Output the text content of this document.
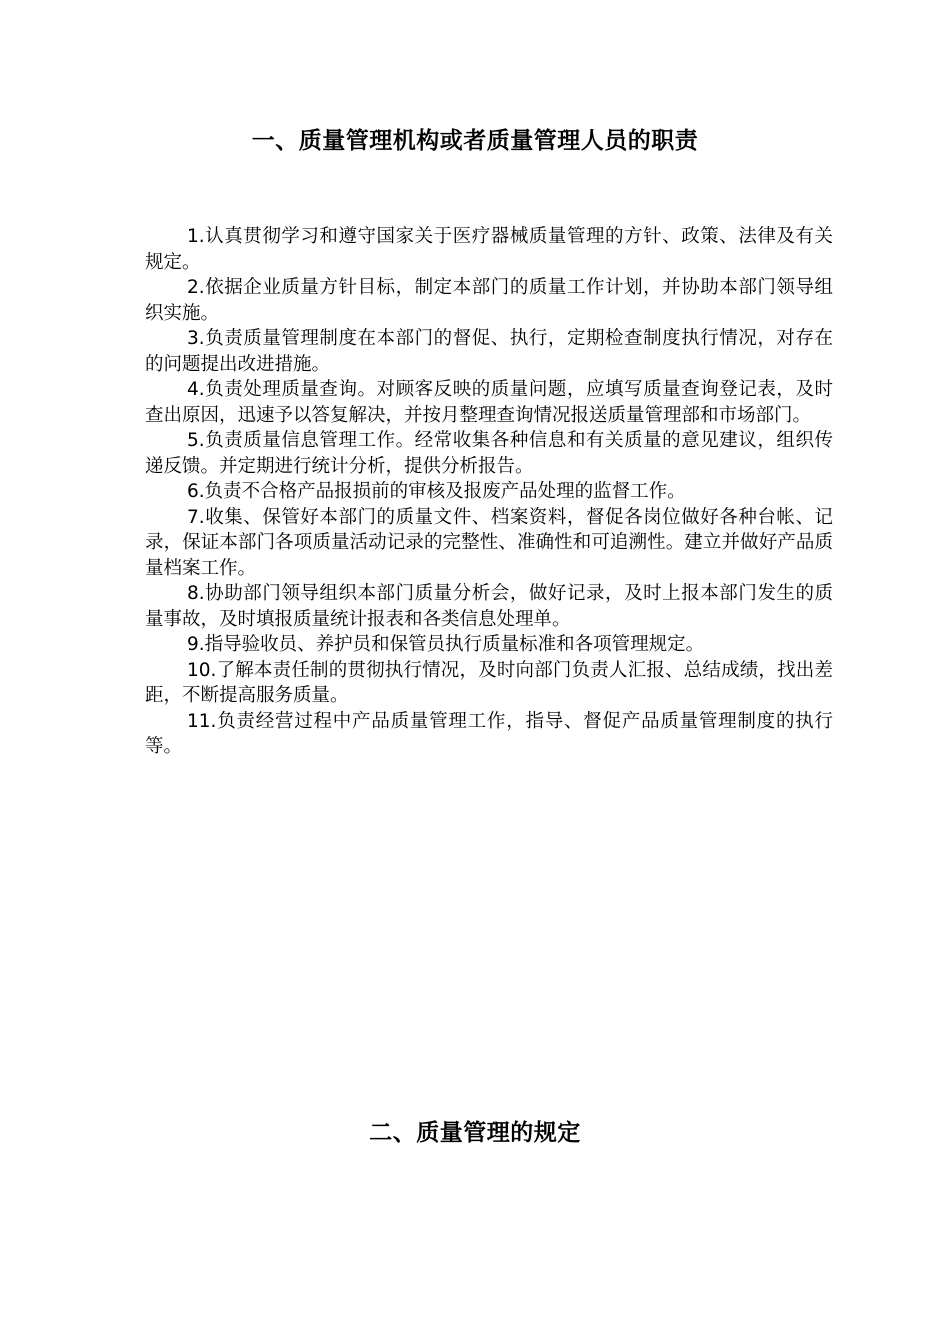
一、质量管理机构或者质量管理人员的职责

1.认真贯彻学习和遵守国家关于医疗器械质量管理的方针、政策、法律及有关规定。

2.依据企业质量方针目标，制定本部门的质量工作计划，并协助本部门领导组织实施。

3.负责质量管理制度在本部门的督促、执行，定期检查制度执行情况，对存在的问题提出改进措施。

4.负责处理质量查询。对顾客反映的质量问题，应填写质量查询登记表，及时查出原因，迅速予以答复解决，并按月整理查询情况报送质量管理部和市场部门。

5.负责质量信息管理工作。经常收集各种信息和有关质量的意见建议，组织传递反馈。并定期进行统计分析，提供分析报告。

6.负责不合格产品报损前的审核及报废产品处理的监督工作。

7.收集、保管好本部门的质量文件、档案资料，督促各岗位做好各种台帐、记录，保证本部门各项质量活动记录的完整性、准确性和可追溯性。建立并做好产品质量档案工作。

8.协助部门领导组织本部门质量分析会，做好记录，及时上报本部门发生的质量事故，及时填报质量统计报表和各类信息处理单。

9.指导验收员、养护员和保管员执行质量标准和各项管理规定。

10.了解本责任制的贯彻执行情况，及时向部门负责人汇报、总结成绩，找出差距，不断提高服务质量。

11.负责经营过程中产品质量管理工作，指导、督促产品质量管理制度的执行等。

二、质量管理的规定
